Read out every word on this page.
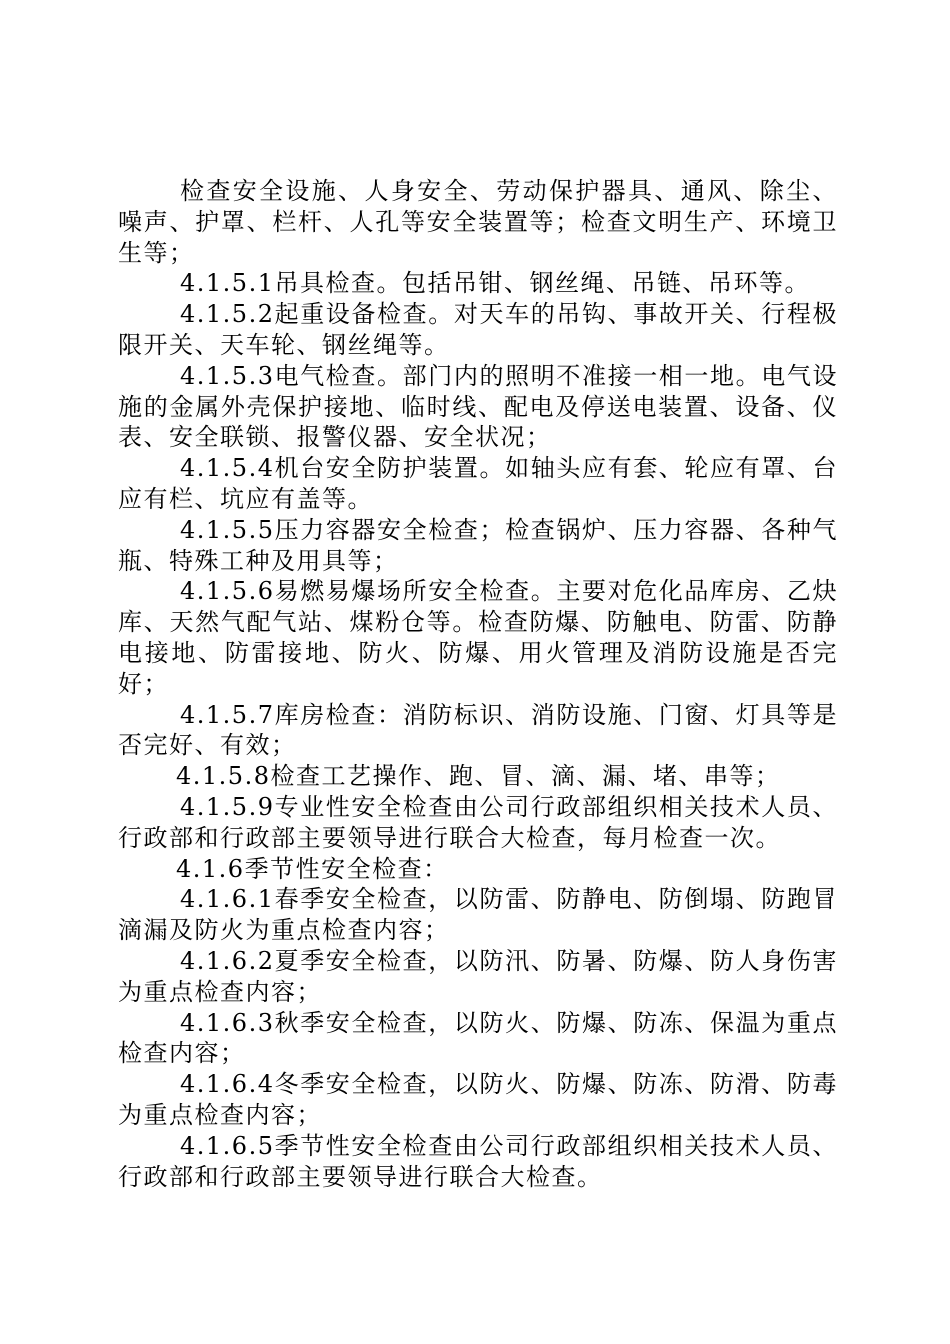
检查安全设施、人身安全、劳动保护器具、通风、除尘、噪声、护罩、栏杆、人孔等安全装置等；检查文明生产、环境卫生等；

4.1.5.1吊具检查。包括吊钳、钢丝绳、吊链、吊环等。

4.1.5.2起重设备检查。对天车的吊钩、事故开关、行程极限开关、天车轮、钢丝绳等。

4.1.5.3电气检查。部门内的照明不准接一相一地。电气设施的金属外壳保护接地、临时线、配电及停送电装置、设备、仪表、安全联锁、报警仪器、安全状况；

4.1.5.4机台安全防护装置。如轴头应有套、轮应有罩、台应有栏、坑应有盖等。

4.1.5.5压力容器安全检查；检查锅炉、压力容器、各种气瓶、特殊工种及用具等；

4.1.5.6易燃易爆场所安全检查。主要对危化品库房、乙炔库、天然气配气站、煤粉仓等。检查防爆、防触电、防雷、防静电接地、防雷接地、防火、防爆、用火管理及消防设施是否完好；

4.1.5.7库房检查：消防标识、消防设施、门窗、灯具等是否完好、有效；

4.1.5.8检查工艺操作、跑、冒、滴、漏、堵、串等；

4.1.5.9专业性安全检查由公司行政部组织相关技术人员、行政部和行政部主要领导进行联合大检查，每月检查一次。

4.1.6季节性安全检查：

4.1.6.1春季安全检查，以防雷、防静电、防倒塌、防跑冒滴漏及防火为重点检查内容；

4.1.6.2夏季安全检查，以防汛、防暑、防爆、防人身伤害为重点检查内容；

4.1.6.3秋季安全检查，以防火、防爆、防冻、保温为重点检查内容；

4.1.6.4冬季安全检查，以防火、防爆、防冻、防滑、防毒为重点检查内容；

4.1.6.5季节性安全检查由公司行政部组织相关技术人员、行政部和行政部主要领导进行联合大检查。
